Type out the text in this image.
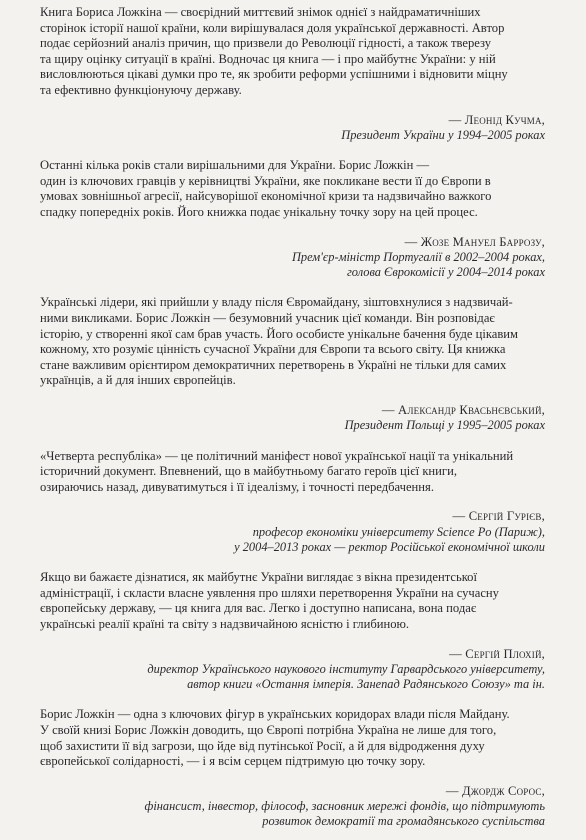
Книга Бориса Ложкіна — своєрідний миттєвий знімок однієї з найдраматичніших
сторінок історії нашої країни, коли вирішувалася доля української державності. Автор
подає серйозний аналіз причин, що призвели до Революції гідності, а також тверезу
та щиру оцінку ситуації в країні. Водночас ця книга — і про майбутнє України: у ній
висловлюються цікаві думки про те, як зробити реформи успішними і відновити міцну
та ефективно функціонуючу державу.

— Леонід Кучма,

Президент України у 1994–2005 роках

Останні кілька років стали вирішальними для України. Борис Ложкін —
один із ключових гравців у керівництві України, яке покликане вести її до Європи в
умовах зовнішньої агресії, найсуворішої економічної кризи та надзвичайно важкого
спадку попередніх років. Його книжка подає унікальну точку зору на цей процес.

— Жозе Мануел Баррозу,

Прем'єр-міністр Португалії в 2002–2004 роках,

голова Єврокомісії у 2004–2014 роках

Українські лідери, які прийшли у владу після Євромайдану, зіштовхнулися з надзвичай-
ними викликами. Борис Ложкін — безумовний учасник цієї команди. Він розповідає
історію, у створенні якої сам брав участь. Його особисте унікальне бачення буде цікавим
кожному, хто розуміє цінність сучасної України для Європи та всього світу. Ця книжка
стане важливим орієнтиром демократичних перетворень в Україні не тільки для самих
українців, а й для інших європейців.

— Александр Квасьнєвський,

Президент Польщі у 1995–2005 роках

«Четверта республіка» — це політичний маніфест нової української нації та унікальний
історичний документ. Впевнений, що в майбутньому багато героїв цієї книги,
озираючись назад, дивуватимуться і її ідеалізму, і точності передбачення.

— Сергій Гурієв,

професор економіки університету Science Po (Париж),

у 2004–2013 роках — ректор Російської економічної школи

Якщо ви бажаєте дізнатися, як майбутнє України виглядає з вікна президентської
адміністрації, і скласти власне уявлення про шляхи перетворення України на сучасну
європейську державу, — ця книга для вас. Легко і доступно написана, вона подає
українські реалії країні та світу з надзвичайною ясністю і глибиною.

— Сергій Плохій,

директор Українського наукового інституту Гарвардського університету,

автор книги «Остання імперія. Занепад Радянського Союзу» та ін.

Борис Ложкін — одна з ключових фігур в українських коридорах влади після Майдану.
У своїй книзі Борис Ложкін доводить, що Європі потрібна Україна не лише для того,
щоб захистити її від загрози, що йде від путінської Росії, а й для відродження духу
європейської солідарності, — і я всім серцем підтримую цю точку зору.

— Джордж Сорос,

фінансист, інвестор, філософ, засновник мережі фондів, що підтримують

розвиток демократії та громадянського суспільства
